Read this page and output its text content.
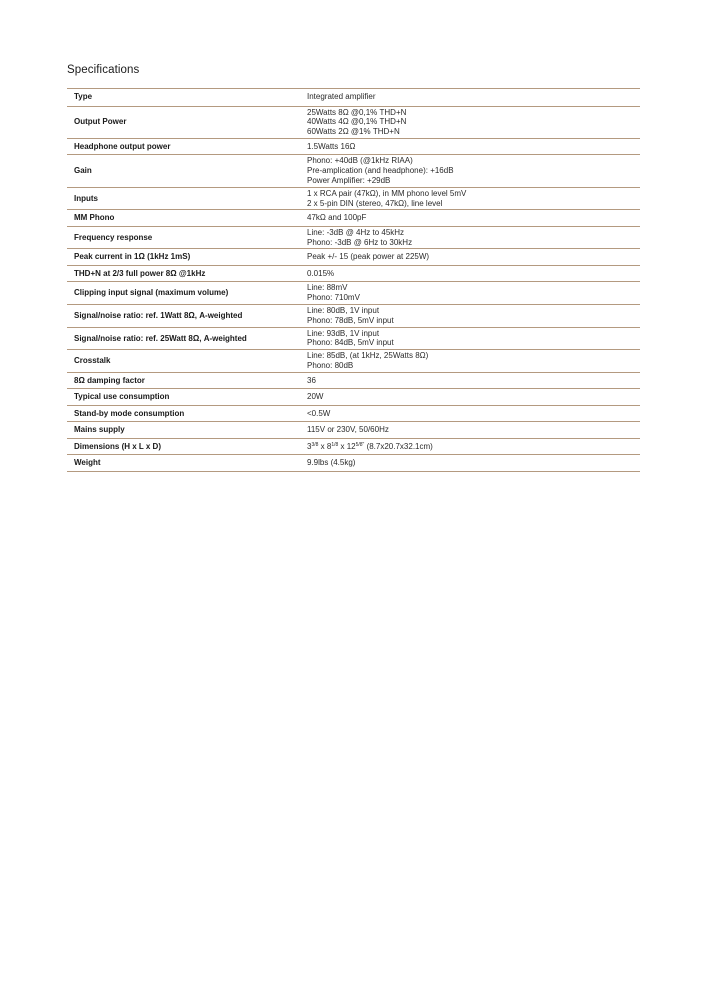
Specifications
Type	Integrated amplifier
Output Power	25Watts 8Ω @0,1% THD+N
40Watts 4Ω @0,1% THD+N
60Watts 2Ω @1% THD+N

Headphone output power	1.5Watts 16Ω

Gain	Phono: +40dB (@1kHz RIAA)
Pre-amplication (and headphone): +16dB
Power Amplifier: +29dB

Inputs	1 x RCA pair (47kΩ), in MM phono level 5mV
2 x 5-pin DIN (stereo, 47kΩ), line level

MM Phono	47kΩ and 100pF

Frequency response	Line: -3dB @ 4Hz to 45kHz
Phono: -3dB @ 6Hz to 30kHz

Peak current in 1Ω (1kHz 1mS)	Peak +/- 15 (peak power at 225W)

THD+N at 2/3 full power 8Ω @1kHz	0.015%

Clipping input signal (maximum volume)	Line: 88mV
Phono: 710mV

Signal/noise ratio: ref. 1Watt 8Ω, A-weighted	Line: 80dB, 1V input
Phono: 78dB, 5mV input

Signal/noise ratio: ref. 25Watt 8Ω, A-weighted	Line: 93dB, 1V input
Phono: 84dB, 5mV input

Crosstalk	Line: 85dB, (at 1kHz, 25Watts 8Ω)
Phono: 80dB

8Ω damping factor	36

Typical use consumption	20W

Stand-by mode consumption	<0.5W

Mains supply	115V or 230V, 50/60Hz

Dimensions (H x L x D)	$3^{3/8}$ x $8^{1/8}$ x $12^{5/8"}$ (8.7x20.7x32.1cm)
Weight	9.9lbs (4.5kg)
